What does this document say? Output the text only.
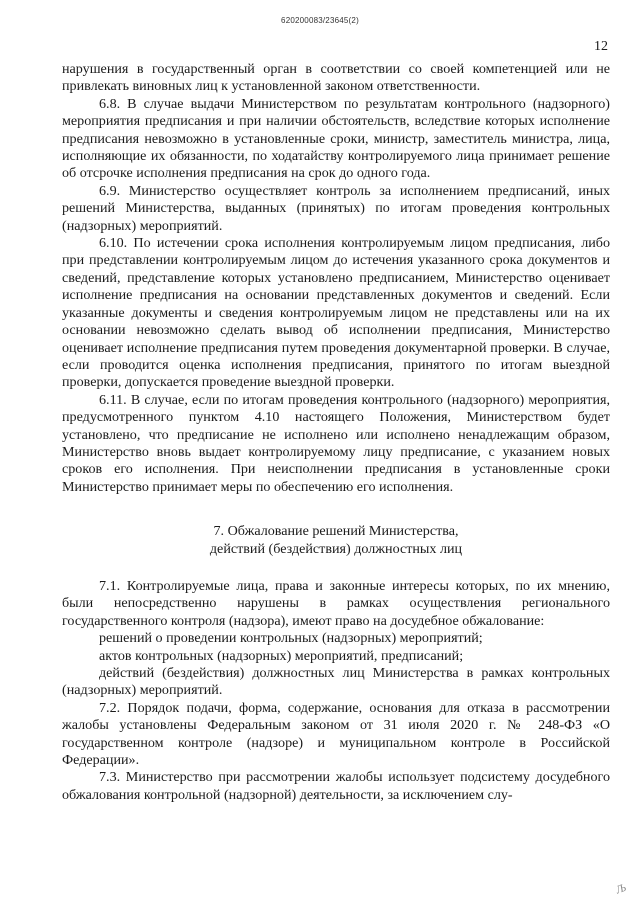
620200083/23645(2)
12

нарушения в государственный орган в соответствии со своей компетенцией или не привлекать виновных лиц к установленной законом ответственности.

6.8. В случае выдачи Министерством по результатам контрольного (надзорного) мероприятия предписания и при наличии обстоятельств, вследствие которых исполнение предписания невозможно в установленные сроки, министр, заместитель министра, лица, исполняющие их обязанности, по ходатайству контролируемого лица принимает решение об отсрочке исполнения предписания на срок до одного года.

6.9. Министерство осуществляет контроль за исполнением предписаний, иных решений Министерства, выданных (принятых) по итогам проведения контрольных (надзорных) мероприятий.

6.10. По истечении срока исполнения контролируемым лицом предписания, либо при представлении контролируемым лицом до истечения указанного срока документов и сведений, представление которых установлено предписанием, Министерство оценивает исполнение предписания на основании представленных документов и сведений. Если указанные документы и сведения контролируемым лицом не представлены или на их основании невозможно сделать вывод об исполнении предписания, Министерство оценивает исполнение предписания путем проведения документарной проверки. В случае, если проводится оценка исполнения предписания, принятого по итогам выездной проверки, допускается проведение выездной проверки.

6.11. В случае, если по итогам проведения контрольного (надзорного) мероприятия, предусмотренного пунктом 4.10 настоящего Положения, Министерством будет установлено, что предписание не исполнено или исполнено ненадлежащим образом, Министерство вновь выдает контролируемому лицу предписание, с указанием новых сроков его исполнения. При неисполнении предписания в установленные сроки Министерство принимает меры по обеспечению его исполнения.

7. Обжалование решений Министерства,
действий (бездействия) должностных лиц

7.1. Контролируемые лица, права и законные интересы которых, по их мнению, были непосредственно нарушены в рамках осуществления регионального государственного контроля (надзора), имеют право на досудебное обжалование:

решений о проведении контрольных (надзорных) мероприятий;

актов контрольных (надзорных) мероприятий, предписаний;

действий (бездействия) должностных лиц Министерства в рамках контрольных (надзорных) мероприятий.

7.2. Порядок подачи, форма, содержание, основания для отказа в рассмотрении жалобы установлены Федеральным законом от 31 июля 2020 г. № 248-ФЗ «О государственном контроле (надзоре) и муниципальном контроле в Российской Федерации».

7.3. Министерство при рассмотрении жалобы использует подсистему досудебного обжалования контрольной (надзорной) деятельности, за исключением слу-

Љ
